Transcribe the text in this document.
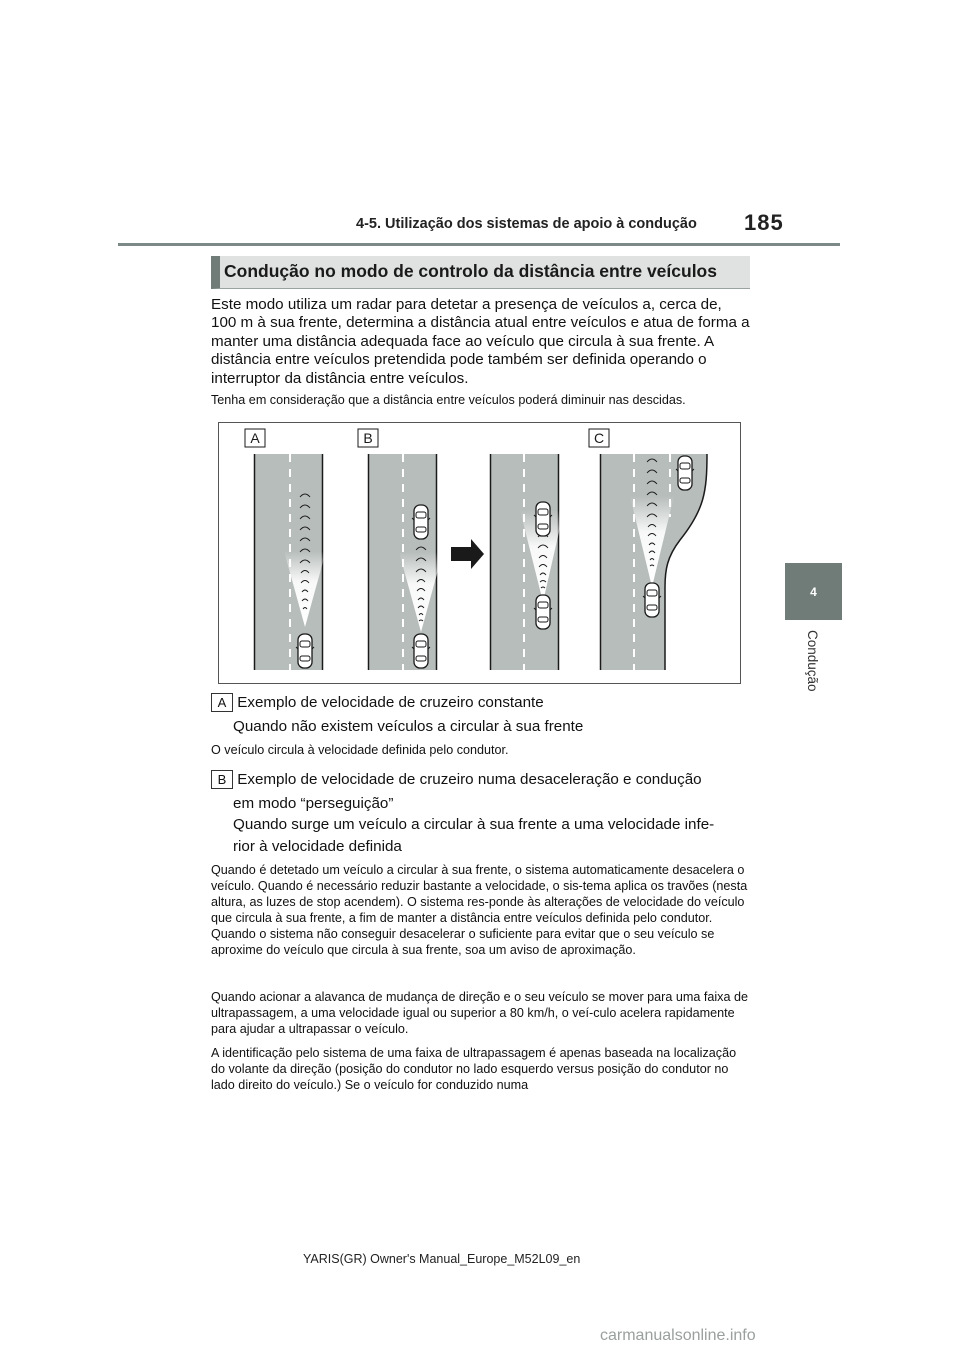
4-5. Utilização dos sistemas de apoio à condução 185
4
Condução
Condução no modo de controlo da distância entre veículos
Este modo utiliza um radar para detetar a presença de veículos a, cerca de, 100 m à sua frente, determina a distância atual entre veículos e atua de forma a manter uma distância adequada face ao veículo que circula à sua frente. A distância entre veículos pretendida pode também ser definida operando o interruptor da distância entre veículos.
Tenha em consideração que a distância entre veículos poderá diminuir nas descidas.
A	B	C
A Exemplo de velocidade de cruzeiro constante
Quando não existem veículos a circular à sua frente
O veículo circula à velocidade definida pelo condutor.
B Exemplo de velocidade de cruzeiro numa desaceleração e condução
em modo “perseguição”
Quando surge um veículo a circular à sua frente a uma velocidade infe-
rior à velocidade definida
Quando é detetado um veículo a circular à sua frente, o sistema automaticamente desacelera o veículo. Quando é necessário reduzir bastante a velocidade, o sis-tema aplica os travões (nesta altura, as luzes de stop acendem). O sistema res-ponde às alterações de velocidade do veículo que circula à sua frente, a fim de manter a distância entre veículos definida pelo condutor. Quando o sistema não conseguir desacelerar o suficiente para evitar que o seu veículo se aproxime do veículo que circula à sua frente, soa um aviso de aproximação.
Quando acionar a alavanca de mudança de direção e o seu veículo se mover para uma faixa de ultrapassagem, a uma velocidade igual ou superior a 80 km/h, o veí-culo acelera rapidamente para ajudar a ultrapassar o veículo.
A identificação pelo sistema de uma faixa de ultrapassagem é apenas baseada na localização do volante da direção (posição do condutor no lado esquerdo versus posição do condutor no lado direito do veículo.) Se o veículo for conduzido numa
YARIS(GR) Owner's Manual_Europe_M52L09_en
carmanualsonline.info
